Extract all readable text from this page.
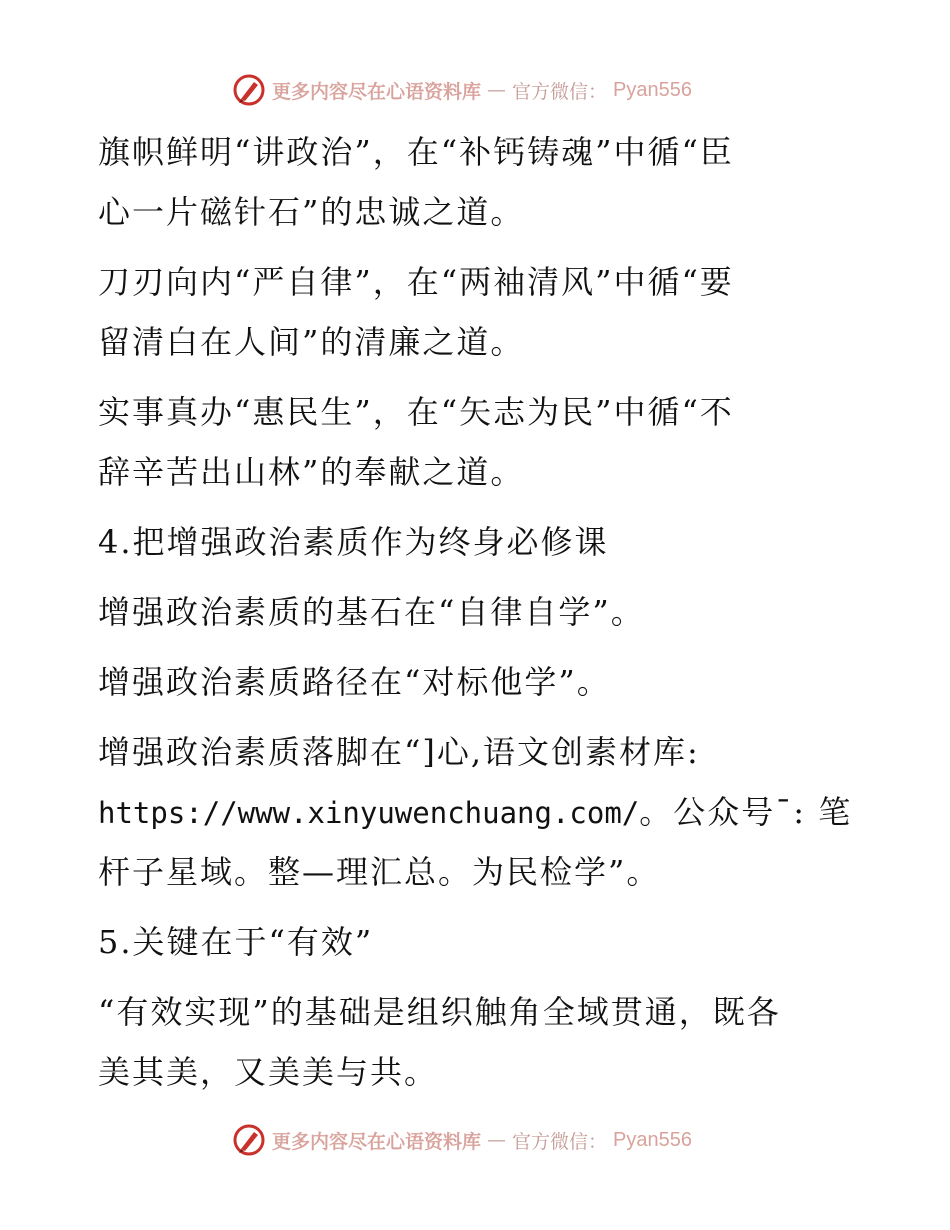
更多内容尽在心语资料库 — 官方微信： Pyan556
旗帜鲜明“讲政治”，在“补钙铸魂”中循“臣
心一片磁针石”的忠诚之道。
刀刃向内“严自律”，在“两袖清风”中循“要
留清白在人间”的清廉之道。
实事真办“惠民生”，在“矢志为民”中循“不
辞辛苦出山林”的奉献之道。
4.把增强政治素质作为终身必修课
增强政治素质的基石在“自律自学”。
增强政治素质路径在“对标他学”。
增强政治素质落脚在“]心,语文创素材库:
https://www.xinyuwenchuang.com/。公众号¯: 笔
杆子星域。整—理汇总。为民检学”。
5.关键在于“有效”
“有效实现”的基础是组织触角全域贯通，既各
美其美，又美美与共。
更多内容尽在心语资料库 — 官方微信： Pyan556
